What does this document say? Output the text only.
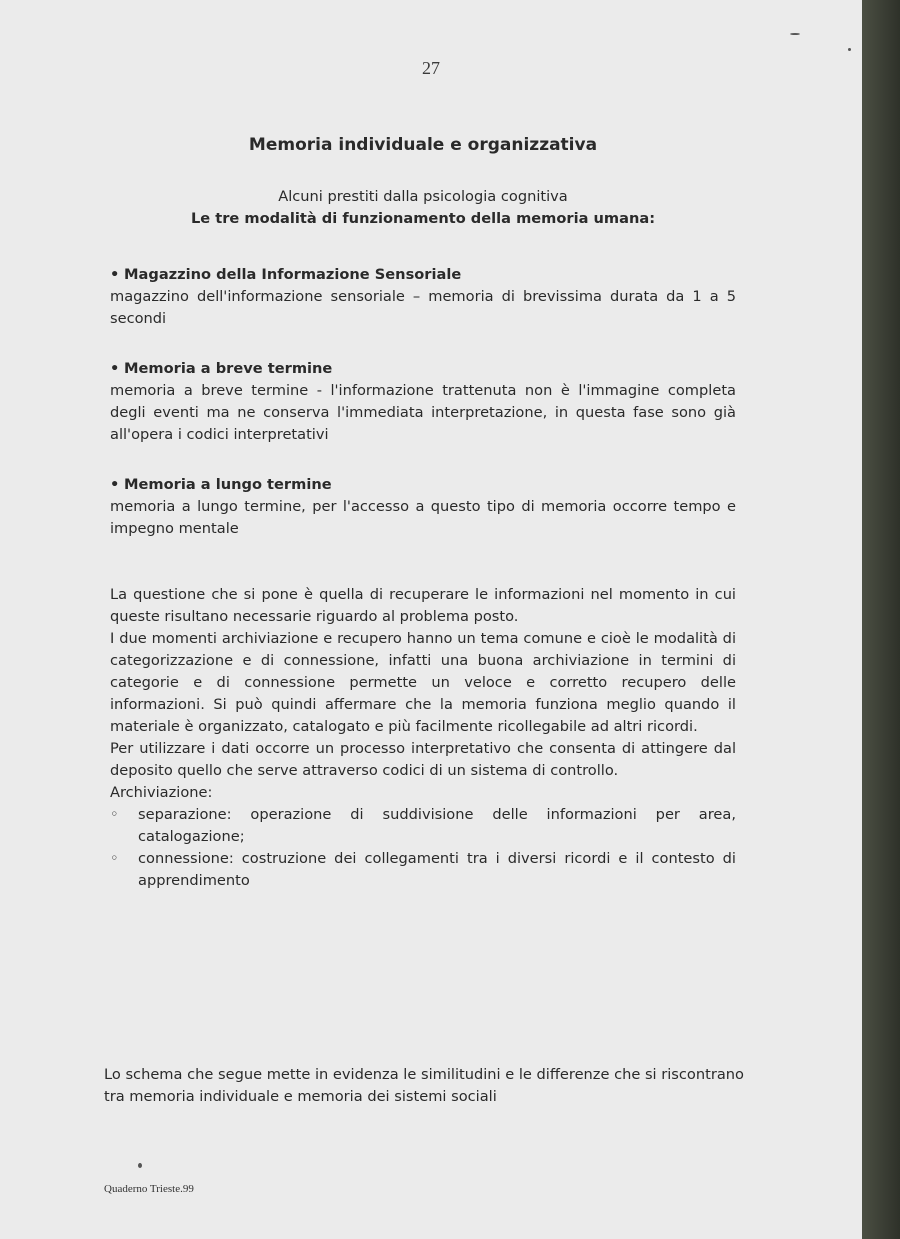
27
Memoria individuale e organizzativa
Alcuni prestiti dalla psicologia cognitiva
Le tre modalità di funzionamento della memoria umana:
• Magazzino della Informazione Sensoriale

magazzino dell'informazione sensoriale – memoria di brevissima durata da 1 a 5 secondi

• Memoria a breve termine

memoria a breve termine - l'informazione trattenuta non è l'immagine completa degli eventi ma ne conserva l'immediata interpretazione, in questa fase sono già all'opera i codici interpretativi

• Memoria a lungo termine

memoria a lungo termine, per l'accesso a questo tipo di memoria occorre tempo e impegno mentale

La questione che si pone è quella di recuperare le informazioni nel momento in cui queste risultano necessarie riguardo al problema posto.

I due momenti archiviazione e recupero hanno un tema comune e cioè le modalità di categorizzazione e di connessione, infatti una buona archiviazione in termini di categorie e di connessione permette un veloce e corretto recupero delle informazioni. Si può quindi affermare che la memoria funziona meglio quando il materiale è organizzato, catalogato e più facilmente ricollegabile ad altri ricordi.

Per utilizzare i dati occorre un processo interpretativo che consenta di attingere dal deposito quello che serve attraverso codici di un sistema di controllo.

Archiviazione:

◦	separazione: operazione di suddivisione delle informazioni per area, catalogazione;
◦	connessione: costruzione dei collegamenti tra i diversi ricordi e il contesto di apprendimento
Lo schema che segue mette in evidenza le similitudini e le differenze che si riscontrano tra memoria individuale e memoria dei sistemi sociali
Quaderno Trieste.99
